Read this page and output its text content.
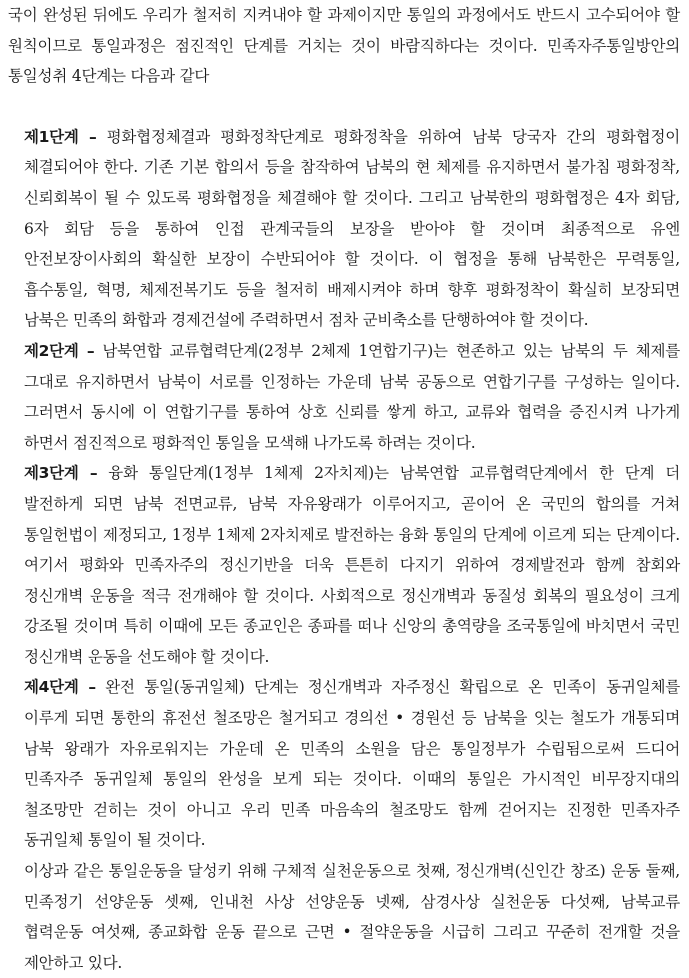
국이 완성된 뒤에도 우리가 철저히 지켜내야 할 과제이지만 통일의 과정에서도 반드시 고수되어야 할 원칙이므로 통일과정은 점진적인 단계를 거치는 것이 바람직하다는 것이다. 민족자주통일방안의 통일성취 4단계는 다음과 같다

제1단계 – 평화협정체결과 평화정착단계로 평화정착을 위하여 남북 당국자 간의 평화협정이 체결되어야 한다. 기존 기본 합의서 등을 참작하여 남북의 현 체제를 유지하면서 불가침 평화정착, 신뢰회복이 될 수 있도록 평화협정을 체결해야 할 것이다. 그리고 남북한의 평화협정은 4자 회담, 6자 회담 등을 통하여 인접 관계국들의 보장을 받아야 할 것이며 최종적으로 유엔 안전보장이사회의 확실한 보장이 수반되어야 할 것이다. 이 협정을 통해 남북한은 무력통일, 흡수통일, 혁명, 체제전복기도 등을 철저히 배제시켜야 하며 향후 평화정착이 확실히 보장되면 남북은 민족의 화합과 경제건설에 주력하면서 점차 군비축소를 단행하여야 할 것이다.

제2단계 – 남북연합 교류협력단계(2정부 2체제 1연합기구)는 현존하고 있는 남북의 두 체제를 그대로 유지하면서 남북이 서로를 인정하는 가운데 남북 공동으로 연합기구를 구성하는 일이다. 그러면서 동시에 이 연합기구를 통하여 상호 신뢰를 쌓게 하고, 교류와 협력을 증진시켜 나가게 하면서 점진적으로 평화적인 통일을 모색해 나가도록 하려는 것이다.

제3단계 – 융화 통일단계(1정부 1체제 2자치제)는 남북연합 교류협력단계에서 한 단계 더 발전하게 되면 남북 전면교류, 남북 자유왕래가 이루어지고, 곧이어 온 국민의 합의를 거쳐 통일헌법이 제정되고, 1정부 1체제 2자치제로 발전하는 융화 통일의 단계에 이르게 되는 단계이다. 여기서 평화와 민족자주의 정신기반을 더욱 튼튼히 다지기 위하여 경제발전과 함께 참회와 정신개벽 운동을 적극 전개해야 할 것이다. 사회적으로 정신개벽과 동질성 회복의 필요성이 크게 강조될 것이며 특히 이때에 모든 종교인은 종파를 떠나 신앙의 총역량을 조국통일에 바치면서 국민 정신개벽 운동을 선도해야 할 것이다.

제4단계 – 완전 통일(동귀일체) 단계는 정신개벽과 자주정신 확립으로 온 민족이 동귀일체를 이루게 되면 통한의 휴전선 철조망은 철거되고 경의선 • 경원선 등 남북을 잇는 철도가 개통되며 남북 왕래가 자유로워지는 가운데 온 민족의 소원을 담은 통일정부가 수립됨으로써 드디어 민족자주 동귀일체 통일의 완성을 보게 되는 것이다. 이때의 통일은 가시적인 비무장지대의 철조망만 걷히는 것이 아니고 우리 민족 마음속의 철조망도 함께 걷어지는 진정한 민족자주 동귀일체 통일이 될 것이다.

이상과 같은 통일운동을 달성키 위해 구체적 실천운동으로 첫째, 정신개벽(신인간 창조) 운동 둘째, 민족정기 선양운동 셋째, 인내천 사상 선양운동 넷째, 삼경사상 실천운동 다섯째, 남북교류 협력운동 여섯째, 종교화합 운동 끝으로 근면 • 절약운동을 시급히 그리고 꾸준히 전개할 것을 제안하고 있다.
